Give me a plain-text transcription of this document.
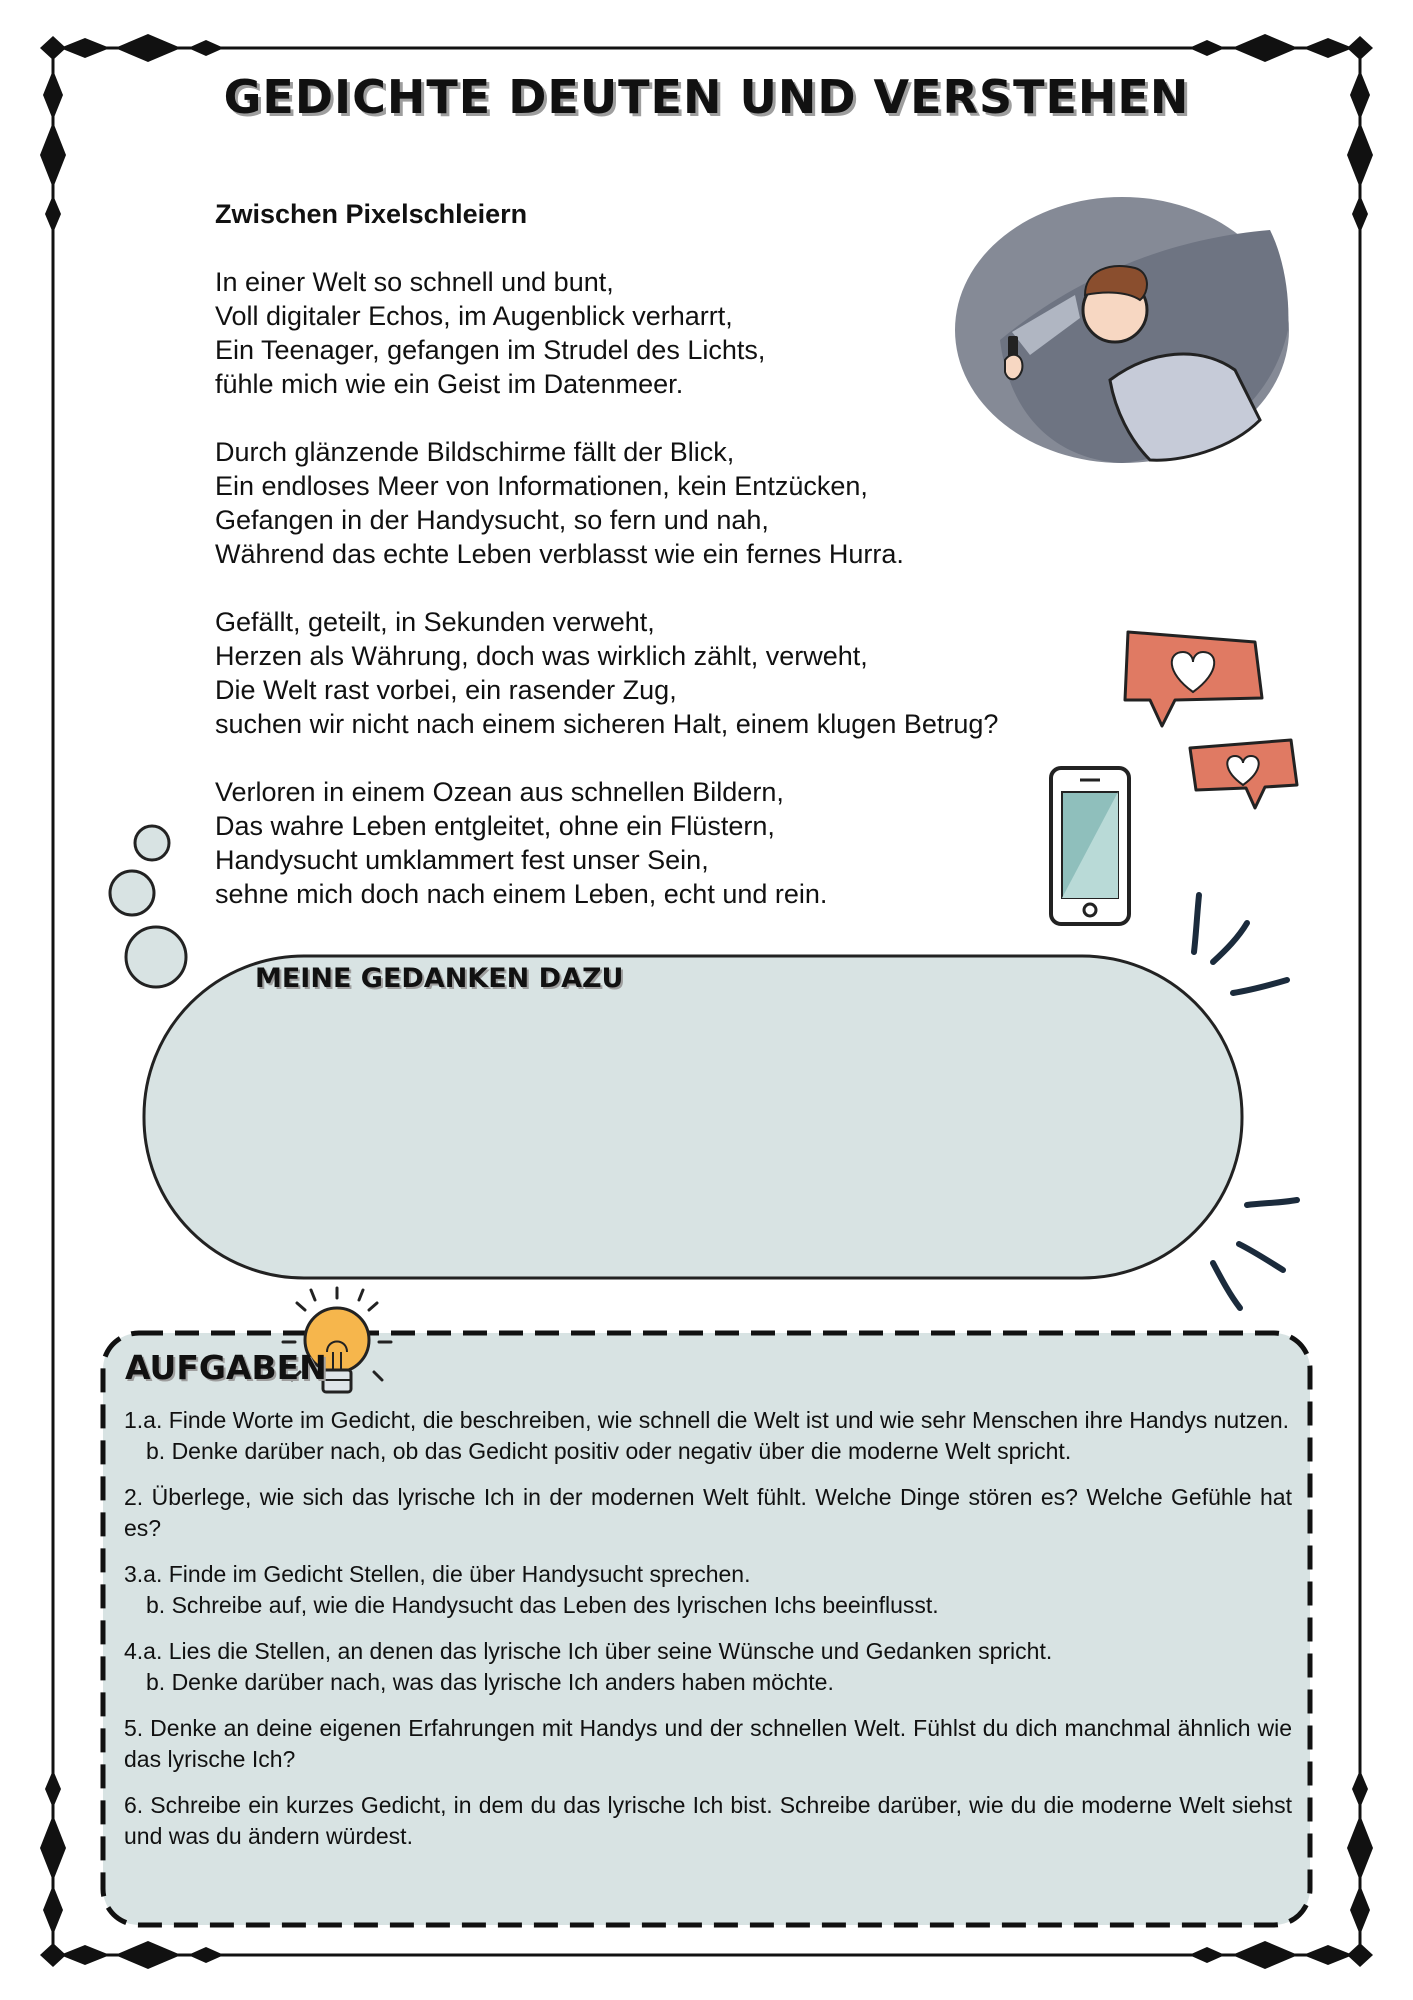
GEDICHTE DEUTEN UND VERSTEHEN
Zwischen Pixelschleiern
In einer Welt so schnell und bunt,
Voll digitaler Echos, im Augenblick verharrt,
Ein Teenager, gefangen im Strudel des Lichts,
fühle mich wie ein Geist im Datenmeer.
Durch glänzende Bildschirme fällt der Blick,
Ein endloses Meer von Informationen, kein Entzücken,
Gefangen in der Handysucht, so fern und nah,
Während das echte Leben verblasst wie ein fernes Hurra.
Gefällt, geteilt, in Sekunden verweht,
Herzen als Währung, doch was wirklich zählt, verweht,
Die Welt rast vorbei, ein rasender Zug,
suchen wir nicht nach einem sicheren Halt, einem klugen Betrug?
Verloren in einem Ozean aus schnellen Bildern,
Das wahre Leben entgleitet, ohne ein Flüstern,
Handysucht umklammert fest unser Sein,
sehne mich doch nach einem Leben, echt und rein.
MEINE GEDANKEN DAZU
AUFGABEN
1.a. Finde Worte im Gedicht, die beschreiben, wie schnell die Welt ist und wie sehr Menschen ihre Handys nutzen.
b. Denke darüber nach, ob das Gedicht positiv oder negativ über die moderne Welt spricht.
2. Überlege, wie sich das lyrische Ich in der modernen Welt fühlt. Welche Dinge stören es? Welche Gefühle hat es?
3.a. Finde im Gedicht Stellen, die über Handysucht sprechen.
b. Schreibe auf, wie die Handysucht das Leben des lyrischen Ichs beeinflusst.
4.a. Lies die Stellen, an denen das lyrische Ich über seine Wünsche und Gedanken spricht.
b. Denke darüber nach, was das lyrische Ich anders haben möchte.
5. Denke an deine eigenen Erfahrungen mit Handys und der schnellen Welt. Fühlst du dich manchmal ähnlich wie das lyrische Ich?
6. Schreibe ein kurzes Gedicht, in dem du das lyrische Ich bist. Schreibe darüber, wie du die moderne Welt siehst und was du ändern würdest.
